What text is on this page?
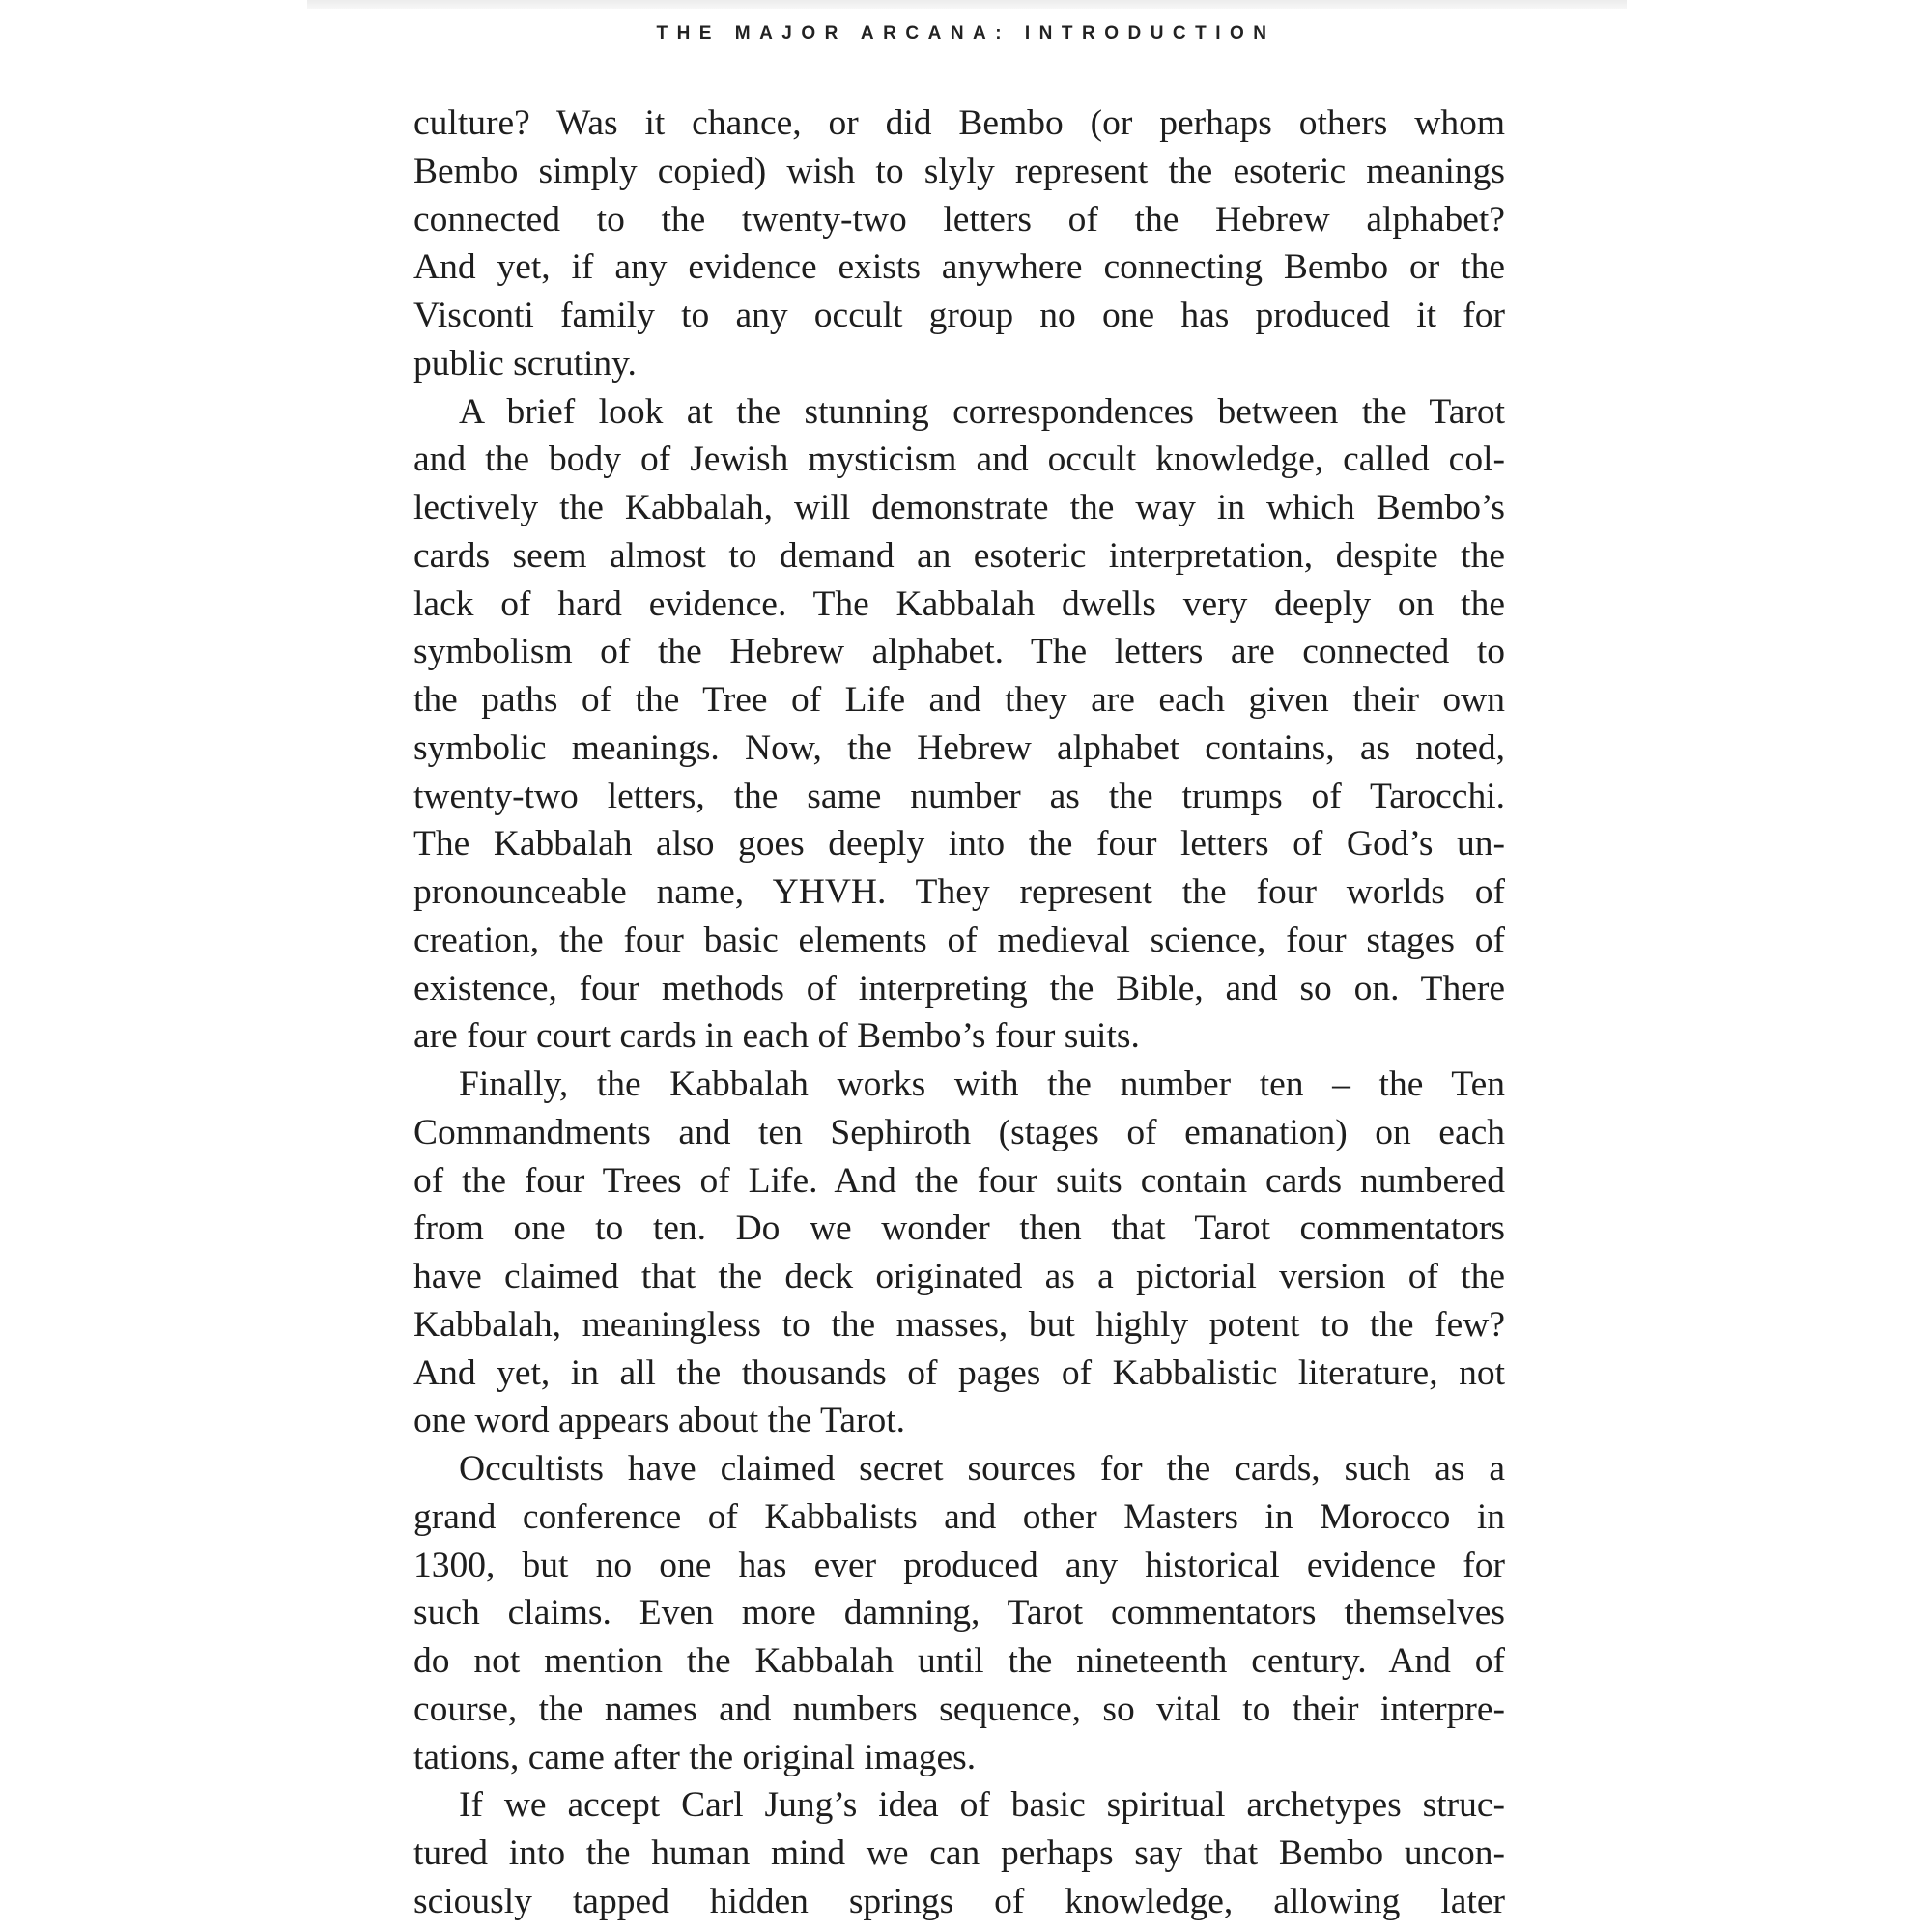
THE MAJOR ARCANA: INTRODUCTION
culture? Was it chance, or did Bembo (or perhaps others whom
Bembo simply copied) wish to slyly represent the esoteric meanings
connected to the twenty-two letters of the Hebrew alphabet?
And yet, if any evidence exists anywhere connecting Bembo or the
Visconti family to any occult group no one has produced it for
public scrutiny.
A brief look at the stunning correspondences between the Tarot
and the body of Jewish mysticism and occult knowledge, called col-
lectively the Kabbalah, will demonstrate the way in which Bembo’s
cards seem almost to demand an esoteric interpretation, despite the
lack of hard evidence. The Kabbalah dwells very deeply on the
symbolism of the Hebrew alphabet. The letters are connected to
the paths of the Tree of Life and they are each given their own
symbolic meanings. Now, the Hebrew alphabet contains, as noted,
twenty-two letters, the same number as the trumps of Tarocchi.
The Kabbalah also goes deeply into the four letters of God’s un-
pronounceable name, YHVH. They represent the four worlds of
creation, the four basic elements of medieval science, four stages of
existence, four methods of interpreting the Bible, and so on. There
are four court cards in each of Bembo’s four suits.
Finally, the Kabbalah works with the number ten – the Ten
Commandments and ten Sephiroth (stages of emanation) on each
of the four Trees of Life. And the four suits contain cards numbered
from one to ten. Do we wonder then that Tarot commentators
have claimed that the deck originated as a pictorial version of the
Kabbalah, meaningless to the masses, but highly potent to the few?
And yet, in all the thousands of pages of Kabbalistic literature, not
one word appears about the Tarot.
Occultists have claimed secret sources for the cards, such as a
grand conference of Kabbalists and other Masters in Morocco in
1300, but no one has ever produced any historical evidence for
such claims. Even more damning, Tarot commentators themselves
do not mention the Kabbalah until the nineteenth century. And of
course, the names and numbers sequence, so vital to their interpre-
tations, came after the original images.
If we accept Carl Jung’s idea of basic spiritual archetypes struc-
tured into the human mind we can perhaps say that Bembo uncon-
sciously tapped hidden springs of knowledge, allowing later
